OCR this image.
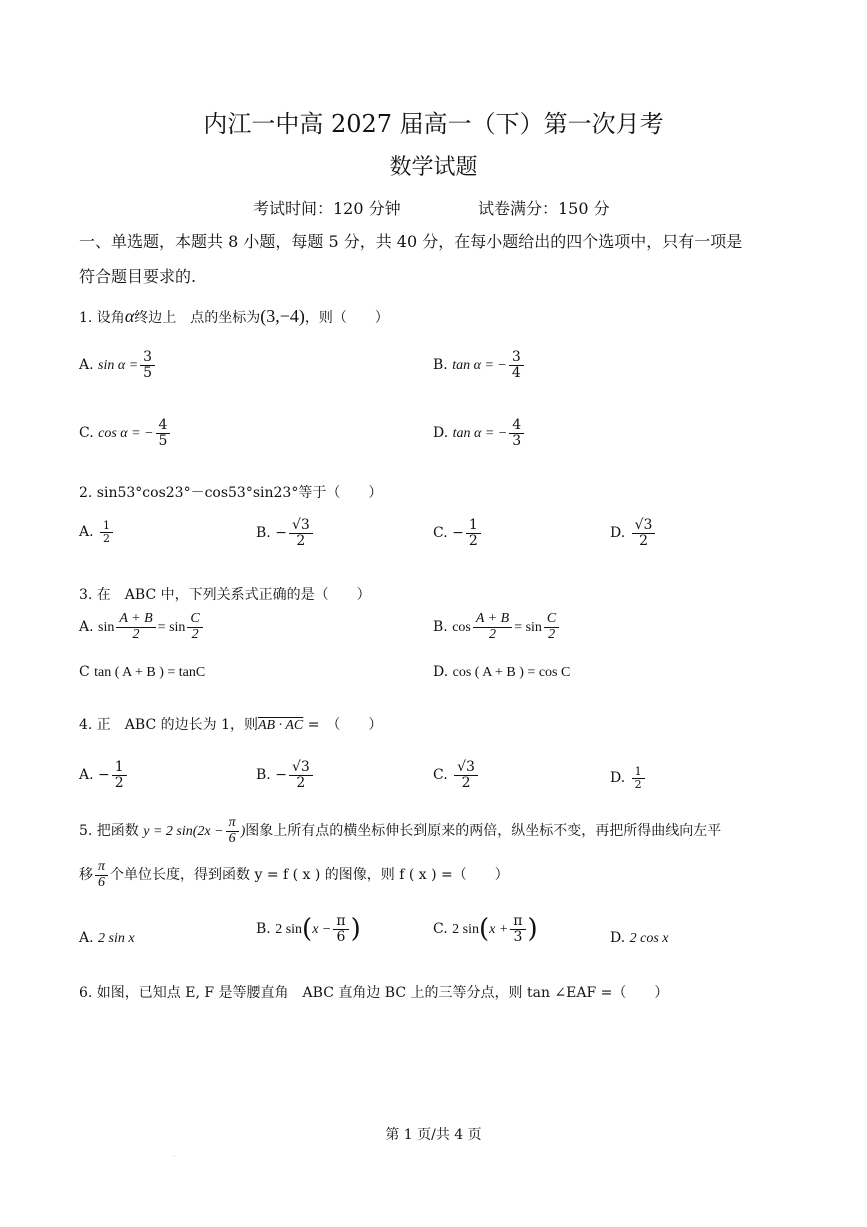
内江一中高 2027 届高一（下）第一次月考
数学试题
考试时间：120 分钟	试卷满分：150 分
一、单选题，本题共 8 小题，每题 5 分，共 40 分，在每小题给出的四个选项中，只有一项是
符合题目要求的.
1. 设角α终边上　点的坐标为(3,−4)，则（　　）
A. $\sin \alpha = \frac{3}{5}$	B. tan α = − $\frac{3}{4}$
C. cos α = − $\frac{4}{5}$	D. tan α = − $\frac{4}{3}$
2. sin53°cos23°－cos53°sin23°等于（　　）
A. $\frac{1}{2}$	B. − $\frac{√3}{2}$	C. − $\frac{1}{2}$	D. $\frac{√3}{2}$
3. 在　ABC 中，下列关系式正确的是（　　）
A. $\sin \frac{A + B}{2} = \sin \frac{C}{2}$	B. $\cos \frac{A + B}{2} = \sin \frac{C}{2}$
C tan ( A + B ) = tanC	D. cos ( A + B ) = cos C
4. 正　ABC 的边长为 1，则AB · AC =　（　　）
A. − $\frac{1}{2}$	B. − $\frac{√3}{2}$	C. $\frac{√3}{2}$	D. $\frac{1}{2}$
5. 把函数 y = 2 $\sin(2x - \frac{\pi}{6}$ )图象上所有点的横坐标伸长到原来的两倍，纵坐标不变，再把所得曲线向左平
移 $\frac{\pi}{6}$ 个单位长度，得到函数 y = f ( x ) 的图像，则 f ( x ) =（　　）
A. 2 sin x
B. 2 $\sin(x - \frac{\pi}{6}$ )	C. 2 $\sin(x + \frac{\pi}{3}$ )	D. 2 cos x
6. 如图，已知点 E, F 是等腰直角　ABC 直角边 BC 上的三等分点，则 tan ∠EAF =（　　）
第 1 页/共 4 页
·
